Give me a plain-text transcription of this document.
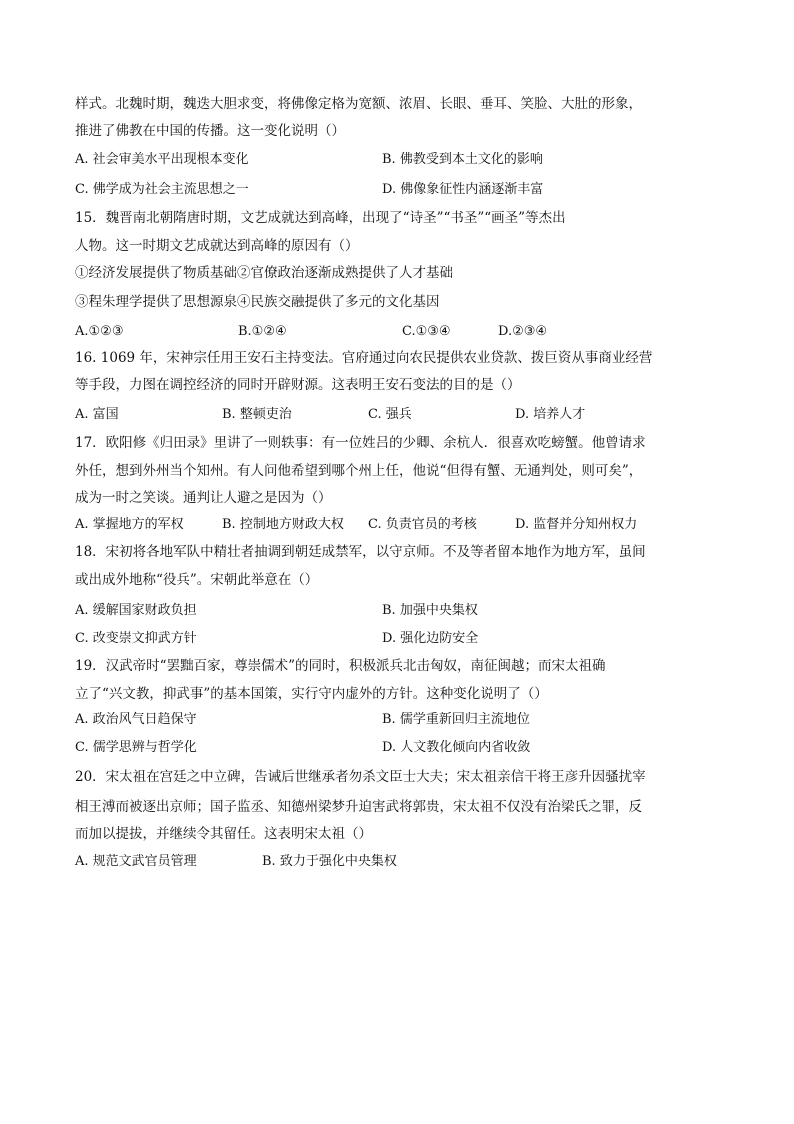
样式。北魏时期，魏迭大胆求变，将佛像定格为宽额、浓眉、长眼、垂耳、笑脸、大肚的形象，
推进了佛教在中国的传播。这一变化说明（）
A. 社会审美水平出现根本变化	B. 佛教受到本土文化的影响
C. 佛学成为社会主流思想之一	D. 佛像象征性内涵逐渐丰富
15．魏晋南北朝隋唐时期，文艺成就达到高峰，出现了“诗圣”“书圣”“画圣”等杰出
人物。这一时期文艺成就达到高峰的原因有（）
①经济发展提供了物质基础②官僚政治逐渐成熟提供了人才基础
③程朱理学提供了思想源泉④民族交融提供了多元的文化基因
A.①②③	B.①②④	C.①③④	D.②③④
16. 1069 年，宋神宗任用王安石主持变法。官府通过向农民提供农业贷款、拨巨资从事商业经营
等手段，力图在调控经济的同时开辟财源。这表明王安石变法的目的是（）
A. 富国	B. 整顿吏治	C. 强兵	D. 培养人才
17．欧阳修《归田录》里讲了一则轶事：有一位姓吕的少卿、余杭人．很喜欢吃螃蟹。他曾请求
外任，想到外州当个知州。有人问他希望到哪个州上任，他说“但得有蟹、无通判处，则可矣”，
成为一时之笑谈。通判让人避之是因为（）
A. 掌握地方的军权	B. 控制地方财政大权 C. 负责官员的考核	D. 监督并分知州权力
18．宋初将各地军队中精壮者抽调到朝廷成禁军，以守京师。不及等者留本地作为地方军，虽间
或出成外地称“役兵”。宋朝此举意在（）
A. 缓解国家财政负担	B. 加强中央集权
C. 改变崇文抑武方针	D. 强化边防安全
19．汉武帝时“罢黜百家，尊崇儒术”的同时，积极派兵北击匈奴，南征闽越；而宋太祖确
立了“兴文教，抑武事”的基本国策，实行守内虚外的方针。这种变化说明了（）
A. 政治风气日趋保守	B. 儒学重新回归主流地位
C. 儒学思辨与哲学化	D. 人文教化倾向内省收敛
20．宋太祖在宫廷之中立碑，告诫后世继承者勿杀文臣士大夫；宋太祖亲信干将王彦升因骚扰宰
相王溥而被逐出京师；国子监丞、知德州梁梦升迫害武将郭贵，宋太祖不仅没有治梁氏之罪，反
而加以提拔，并继续令其留任。这表明宋太祖（）
A. 规范文武官员管理	B. 致力于强化中央集权
